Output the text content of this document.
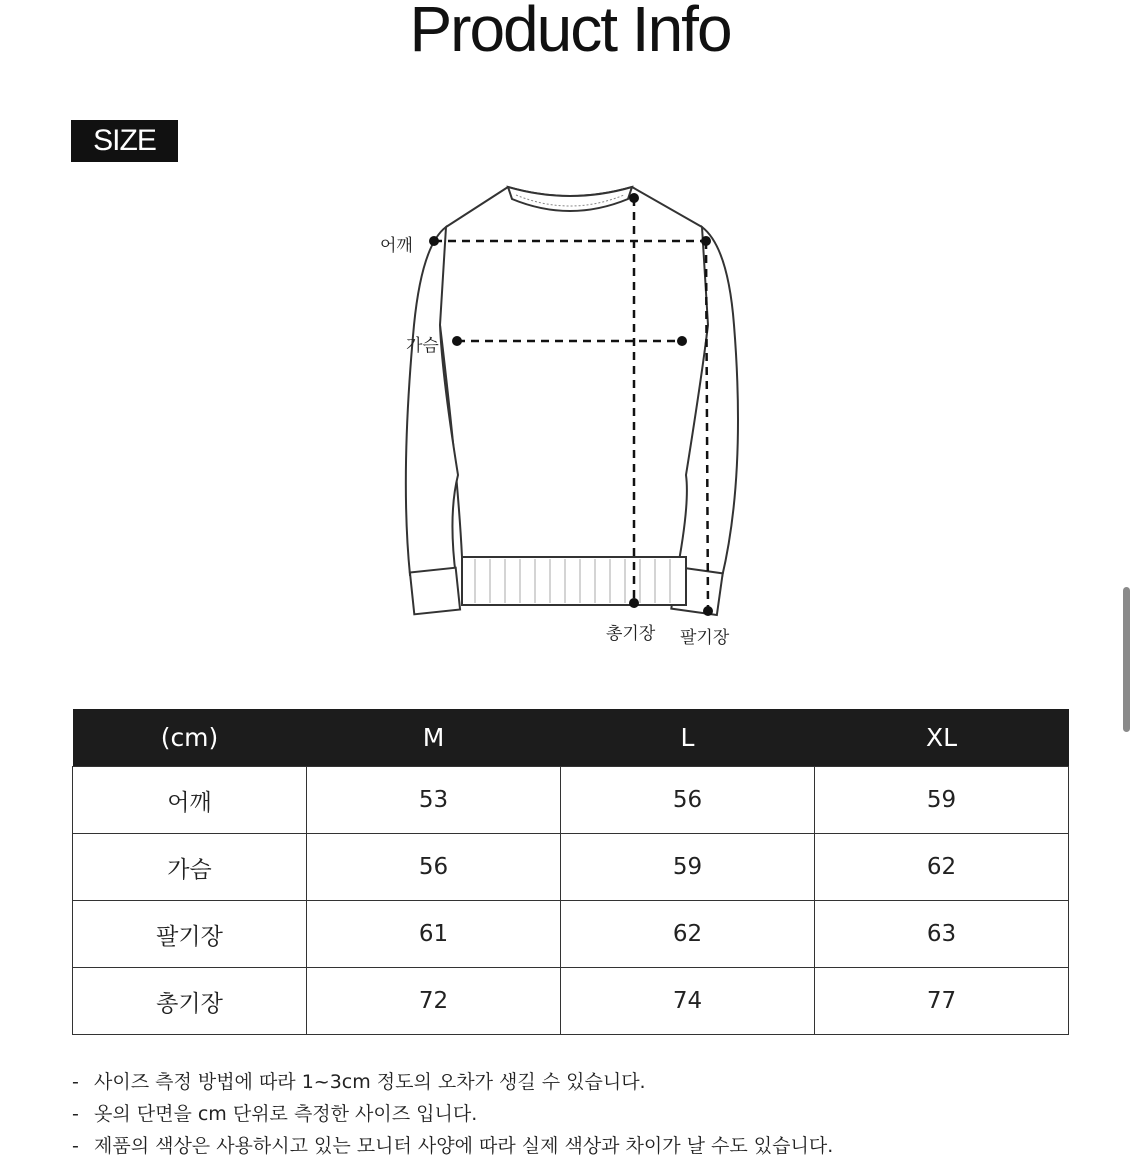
Product Info
SIZE
어깨
가슴
총기장 팔기장
(cm)	M	L	XL
어깨	53	56	59
가슴	56	59	62
팔기장	61	62	63
총기장	72	74	77
- 사이즈 측정 방법에 따라 1~3cm 정도의 오차가 생길 수 있습니다.
- 옷의 단면을 cm 단위로 측정한 사이즈 입니다.
- 제품의 색상은 사용하시고 있는 모니터 사양에 따라 실제 색상과 차이가 날 수도 있습니다.
